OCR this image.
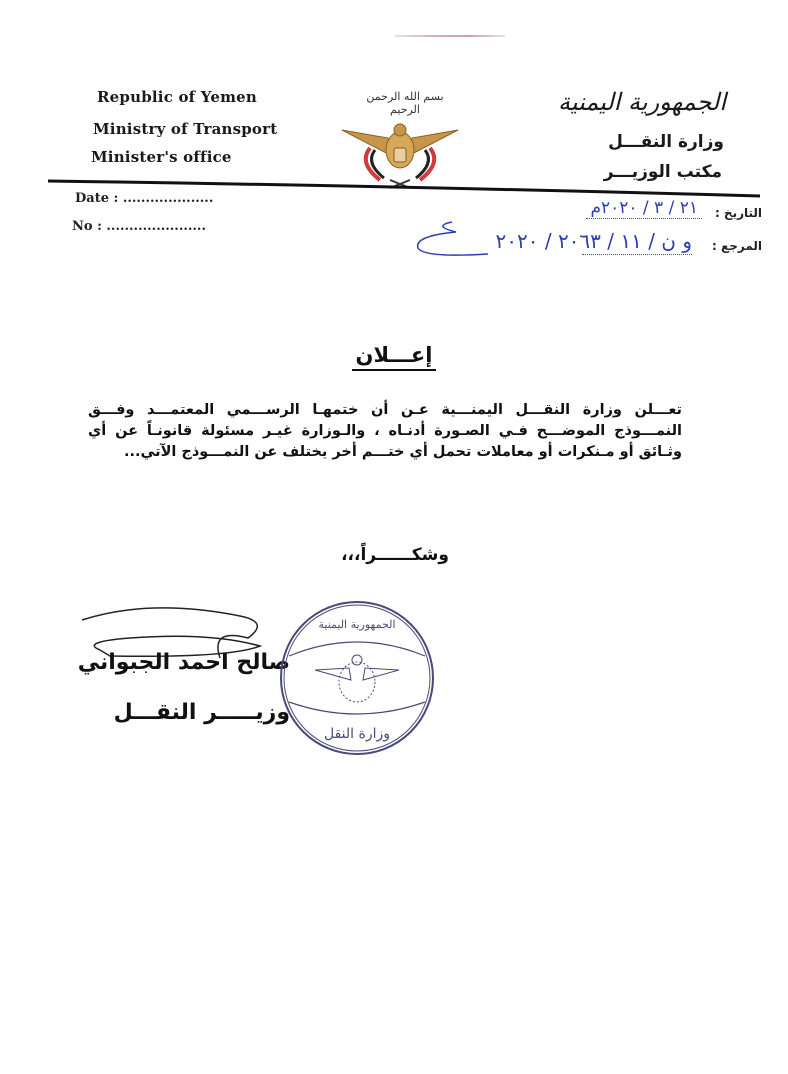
Republic of Yemen
Ministry of Transport
Minister's office
الجمهورية اليمنية
وزارة النقـــل
مكتب الوزيـــر
بسم الله الرحمن الرحيم
Date : ....................
No : ......................
التاريخ :
المرجع :
٢١ / ٣ / ٢٠٢٠م
و ن / ١١ / ٢٠٦٣ / ٢٠٢٠
إعـــلان

تعـــلن وزارة النقـــل اليمنـــية عـن أن ختمهـا الرســـمي المعتمـــد وفـــق النمـــوذج الموضـــح فـي الصـورة أدنـاه ، والـوزارة غيـر مسئولة قانونـاً عن أي وثـائق أو مـنكرات أو معاملات تحمل أي ختـــم أخر يختلف عن النمـــوذج الآتي...

وشكــــــراً،،،
صالح احمد الجبواني
وزيـــــر النقـــل
الجمهورية اليمنية
وزارة النقل
